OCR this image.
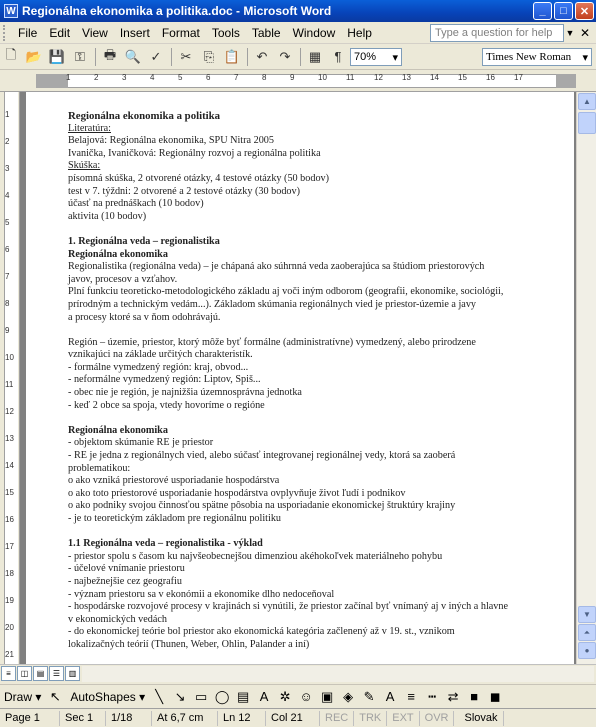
W Regionálna ekonomika a politika.doc - Microsoft Word	_	□	✕
File	Edit	View	Insert	Format	Tools	Table	Window	Help	Type a question for help	▼ ✕
🗋 📂 💾 ⚿	🖶 🔍 ✓	✂ ⎘ 📋	↶ ↷	▦	¶	70% ▾	Times New Roman ▾
1	2	3	4	5	6	7	8	9	10 11 12 13 14 15 16 17
1
2
3
4
5
6
7
8
9
10
11
12
13
14
15
16
17
18
19
20
21

Regionálna ekonomika a politika

Literatúra:

Belajová: Regionálna ekonomika, SPU Nitra 2005

Ivanička, Ivaničková: Regionálny rozvoj a regionálna politika

Skúška:

písomná skúška, 2 otvorené otázky, 4 testové otázky (50 bodov)

test v 7. týždni: 2 otvorené a 2 testové otázky (30 bodov)

účasť na prednáškach (10 bodov)

aktivita (10 bodov)

1. Regionálna veda – regionalistika

Regionálna ekonomika

Regionalistika (regionálna veda) – je chápaná ako súhrnná veda zaoberajúca sa štúdiom priestorových

javov, procesov a vzťahov.

Plní funkciu teoreticko-metodologického základu aj voči iným odborom (geografii, ekonomike, sociológii,

prírodným a technickým vedám...). Základom skúmania regionálnych vied je priestor-územie a javy

a procesy ktoré sa v ňom odohrávajú.

Región – územie, priestor, ktorý môže byť formálne (administratívne) vymedzený, alebo prirodzene

vznikajúci na základe určitých charakteristík.

- formálne vymedzený región: kraj, obvod...

- neformálne vymedzený región: Liptov, Spiš...

- obec nie je región, je najnižšia územnosprávna jednotka

- keď 2 obce sa spoja, vtedy hovoríme o regióne

Regionálna ekonomika

- objektom skúmanie RE je priestor

- RE je jedna z regionálnych vied, alebo súčasť integrovanej regionálnej vedy, ktorá sa zaoberá

problematikou:

o ako vzniká priestorové usporiadanie hospodárstva

o ako toto priestorové usporiadanie hospodárstva ovplyvňuje život ľudí i podnikov

o ako podniky svojou činnosťou spätne pôsobia na usporiadanie ekonomickej štruktúry krajiny

- je to teoretickým základom pre regionálnu politiku

1.1 Regionálna veda – regionalistika - výklad

- priestor spolu s časom ku najvšeobecnejšou dimenziou akéhokoľvek materiálneho pohybu

- účelové vnímanie priestoru

- najbežnejšie cez geografiu

- význam priestoru sa v ekonómii a ekonomike dlho nedoceňoval

- hospodárske rozvojové procesy v krajinách si vynútili, že priestor začínal byť vnímaný aj v iných a hlavne

v ekonomických vedách

- do ekonomickej teórie bol priestor ako ekonomická kategória začlenený až v 19. st., vznikom

lokalizačných teórií (Thunen, Weber, Ohlin, Palander a iní)

▲
▼
⏶
●
≡	◫	▤	☰	▥
Draw ▾ ↖ AutoShapes ▾ ╲ ↘ ▭ ◯ ▤ A ✲ ☺ ▣ ◈ ✎ A ≡	┅ ⇄ ■ ◼
Page 1	Sec 1	1/18	At 6,7 cm	Ln 12	Col 21	REC	TRK	EXT	OVR	Slovak
